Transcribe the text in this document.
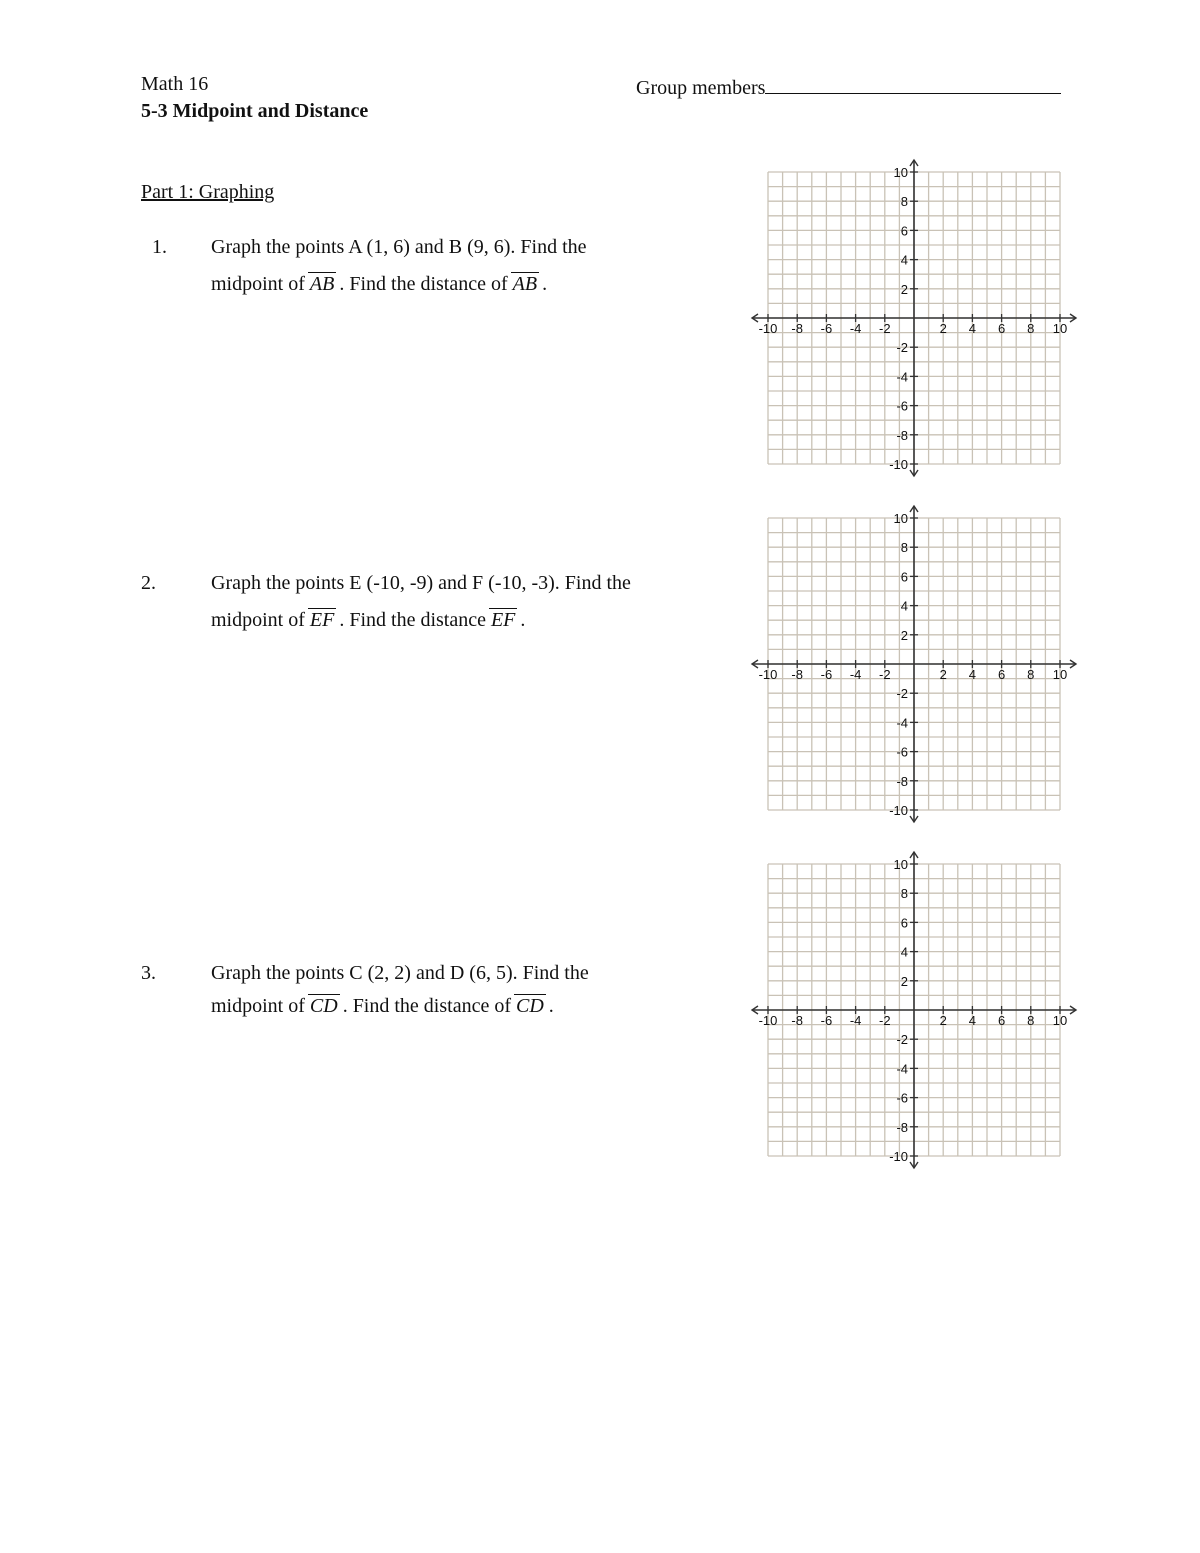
Math 16	Group members
5-3 Midpoint and Distance
Part 1: Graphing
1. Graph the points A (1, 6) and B (9, 6). Find the
midpoint of AB . Find the distance of AB .
2.	Graph the points E (-10, -9) and F (-10, -3). Find the
midpoint of EF . Find the distance EF .
3.	Graph the points C (2, 2) and D (6, 5). Find the
midpoint of CD . Find the distance of CD .
-10 -8 -6 -4 -2	2 4 6 8 10
10
8
6
4
2
-2
-4
-6
-8
-10
-10 -8 -6 -4 -2	2 4 6 8 10
10
8
6
4
2
-2
-4
-6
-8
-10
-10 -8 -6 -4 -2	2 4 6 8 10
10
8
6
4
2
-2
-4
-6
-8
-10
